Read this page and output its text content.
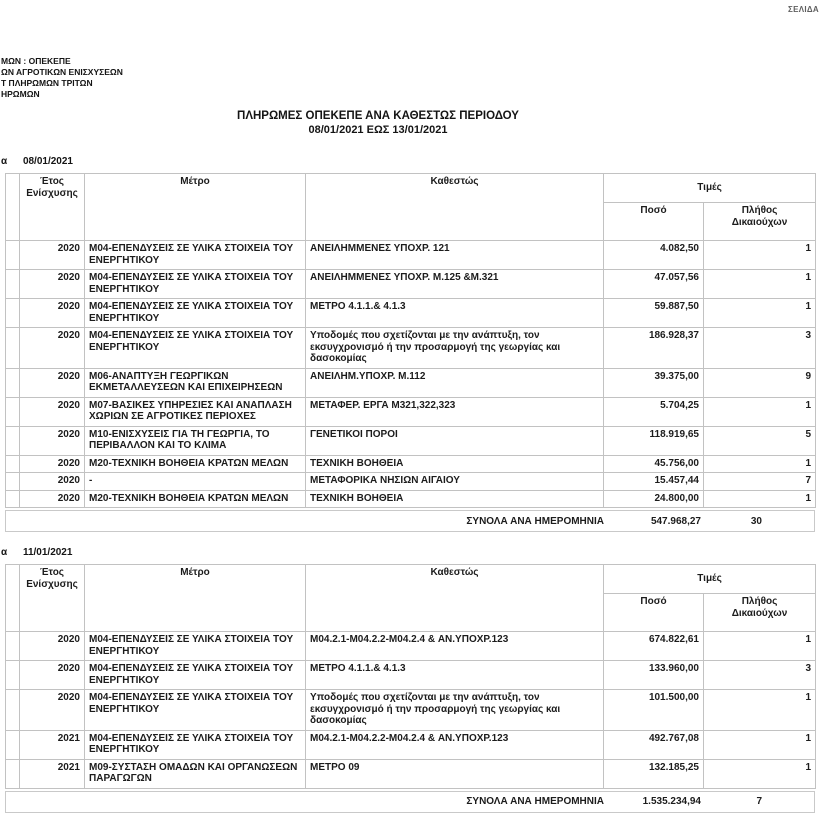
ΣΕΛΙΔΑ
ΜΩΝ : ΟΠΕΚΕΠΕ
ΩΝ ΑΓΡΟΤΙΚΩΝ ΕΝΙΣΧΥΣΕΩΝ
Τ ΠΛΗΡΩΜΩΝ ΤΡΙΤΩΝ
ΗΡΩΜΩΝ
ΠΛΗΡΩΜΕΣ ΟΠΕΚΕΠΕ ΑΝΑ ΚΑΘΕΣΤΩΣ ΠΕΡΙΟΔΟΥ
08/01/2021 ΕΩΣ 13/01/2021
α 08/01/2021
	Έτος Ενίσχυσης	Μέτρο	Καθεστώς	Τιμές	
				Ποσό	Πλήθος Δικαιούχων
	2020	M04-ΕΠΕΝΔΥΣΕΙΣ ΣΕ ΥΛΙΚΑ ΣΤΟΙΧΕΙΑ ΤΟΥ ΕΝΕΡΓΗΤΙΚΟΥ	ΑΝΕΙΛΗΜΜΕΝΕΣ ΥΠΟΧΡ. 121	4.082,50	1
	2020	M04-ΕΠΕΝΔΥΣΕΙΣ ΣΕ ΥΛΙΚΑ ΣΤΟΙΧΕΙΑ ΤΟΥ ΕΝΕΡΓΗΤΙΚΟΥ	ΑΝΕΙΛΗΜΜΕΝΕΣ ΥΠΟΧΡ. Μ.125 &Μ.321	47.057,56	1
	2020	M04-ΕΠΕΝΔΥΣΕΙΣ ΣΕ ΥΛΙΚΑ ΣΤΟΙΧΕΙΑ ΤΟΥ ΕΝΕΡΓΗΤΙΚΟΥ	ΜΕΤΡΟ 4.1.1.& 4.1.3	59.887,50	1
	2020	M04-ΕΠΕΝΔΥΣΕΙΣ ΣΕ ΥΛΙΚΑ ΣΤΟΙΧΕΙΑ ΤΟΥ ΕΝΕΡΓΗΤΙΚΟΥ	Υποδομές που σχετίζονται με την ανάπτυξη, τον εκσυγχρονισμό ή την προσαρμογή της γεωργίας και δασοκομίας	186.928,37	3
	2020	M06-ΑΝΑΠΤΥΞΗ ΓΕΩΡΓΙΚΩΝ ΕΚΜΕΤΑΛΛΕΥΣΕΩΝ ΚΑΙ ΕΠΙΧΕΙΡΗΣΕΩΝ	ΑΝΕΙΛΗΜ.ΥΠΟΧΡ. Μ.112	39.375,00	9
	2020	M07-ΒΑΣΙΚΕΣ ΥΠΗΡΕΣΙΕΣ ΚΑΙ ΑΝΑΠΛΑΣΗ ΧΩΡΙΩΝ ΣΕ ΑΓΡΟΤΙΚΕΣ ΠΕΡΙΟΧΕΣ	ΜΕΤΑΦΕΡ. ΕΡΓΑ Μ321,322,323	5.704,25	1
	2020	M10-ΕΝΙΣΧΥΣΕΙΣ ΓΙΑ ΤΗ ΓΕΩΡΓΙΑ, ΤΟ ΠΕΡΙΒΑΛΛΟΝ ΚΑΙ ΤΟ ΚΛΙΜΑ	ΓΕΝΕΤΙΚΟΙ ΠΟΡΟΙ	118.919,65	5
	2020	M20-ΤΕΧΝΙΚΗ ΒΟΗΘΕΙΑ ΚΡΑΤΩΝ ΜΕΛΩΝ	ΤΕΧΝΙΚΗ ΒΟΗΘΕΙΑ	45.756,00	1
	2020	-	ΜΕΤΑΦΟΡΙΚΑ ΝΗΣΙΩΝ ΑΙΓΑΙΟΥ	15.457,44	7
	2020	M20-ΤΕΧΝΙΚΗ ΒΟΗΘΕΙΑ ΚΡΑΤΩΝ ΜΕΛΩΝ	ΤΕΧΝΙΚΗ ΒΟΗΘΕΙΑ	24.800,00	1
ΣΥΝΟΛΑ ΑΝΑ ΗΜΕΡΟΜΗΝΙΑ	547.968,27	30
α 11/01/2021
	Έτος Ενίσχυσης	Μέτρο	Καθεστώς	Τιμές	
				Ποσό	Πλήθος Δικαιούχων
	2020	M04-ΕΠΕΝΔΥΣΕΙΣ ΣΕ ΥΛΙΚΑ ΣΤΟΙΧΕΙΑ ΤΟΥ ΕΝΕΡΓΗΤΙΚΟΥ	M04.2.1-M04.2.2-M04.2.4 & ΑΝ.ΥΠΟΧΡ.123	674.822,61	1
	2020	M04-ΕΠΕΝΔΥΣΕΙΣ ΣΕ ΥΛΙΚΑ ΣΤΟΙΧΕΙΑ ΤΟΥ ΕΝΕΡΓΗΤΙΚΟΥ	ΜΕΤΡΟ 4.1.1.& 4.1.3	133.960,00	3
	2020	M04-ΕΠΕΝΔΥΣΕΙΣ ΣΕ ΥΛΙΚΑ ΣΤΟΙΧΕΙΑ ΤΟΥ ΕΝΕΡΓΗΤΙΚΟΥ	Υποδομές που σχετίζονται με την ανάπτυξη, τον εκσυγχρονισμό ή την προσαρμογή της γεωργίας και δασοκομίας	101.500,00	1
	2021	M04-ΕΠΕΝΔΥΣΕΙΣ ΣΕ ΥΛΙΚΑ ΣΤΟΙΧΕΙΑ ΤΟΥ ΕΝΕΡΓΗΤΙΚΟΥ	M04.2.1-M04.2.2-M04.2.4 & ΑΝ.ΥΠΟΧΡ.123	492.767,08	1
	2021	M09-ΣΥΣΤΑΣΗ ΟΜΑΔΩΝ ΚΑΙ ΟΡΓΑΝΩΣΕΩΝ ΠΑΡΑΓΩΓΩΝ	ΜΕΤΡΟ 09	132.185,25	1
ΣΥΝΟΛΑ ΑΝΑ ΗΜΕΡΟΜΗΝΙΑ	1.535.234,94	7
